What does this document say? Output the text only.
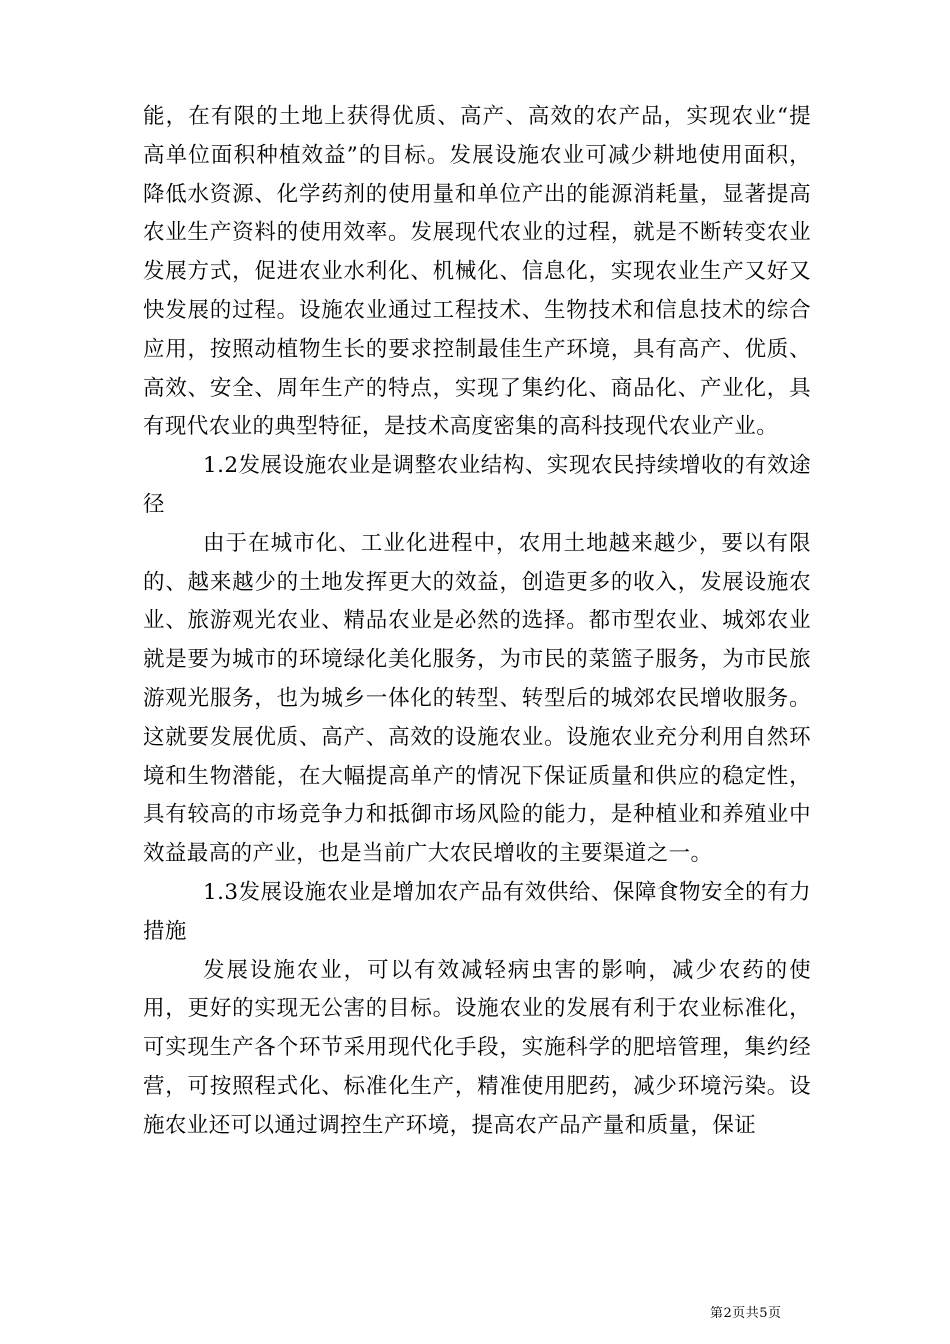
能，在有限的土地上获得优质、高产、高效的农产品，实现农业“提高单位面积种植效益”的目标。发展设施农业可减少耕地使用面积，降低水资源、化学药剂的使用量和单位产出的能源消耗量，显著提高农业生产资料的使用效率。发展现代农业的过程，就是不断转变农业发展方式，促进农业水利化、机械化、信息化，实现农业生产又好又快发展的过程。设施农业通过工程技术、生物技术和信息技术的综合应用，按照动植物生长的要求控制最佳生产环境，具有高产、优质、高效、安全、周年生产的特点，实现了集约化、商品化、产业化，具有现代农业的典型特征，是技术高度密集的高科技现代农业产业。

1.2发展设施农业是调整农业结构、实现农民持续增收的有效途径

由于在城市化、工业化进程中，农用土地越来越少，要以有限的、越来越少的土地发挥更大的效益，创造更多的收入，发展设施农业、旅游观光农业、精品农业是必然的选择。都市型农业、城郊农业就是要为城市的环境绿化美化服务，为市民的菜篮子服务，为市民旅游观光服务，也为城乡一体化的转型、转型后的城郊农民增收服务。这就要发展优质、高产、高效的设施农业。设施农业充分利用自然环境和生物潜能，在大幅提高单产的情况下保证质量和供应的稳定性，具有较高的市场竞争力和抵御市场风险的能力，是种植业和养殖业中效益最高的产业，也是当前广大农民增收的主要渠道之一。

1.3发展设施农业是增加农产品有效供给、保障食物安全的有力措施

发展设施农业，可以有效减轻病虫害的影响，减少农药的使用，更好的实现无公害的目标。设施农业的发展有利于农业标准化，可实现生产各个环节采用现代化手段，实施科学的肥培管理，集约经营，可按照程式化、标准化生产，精准使用肥药，减少环境污染。设施农业还可以通过调控生产环境，提高农产品产量和质量，保证

第2页共5页
